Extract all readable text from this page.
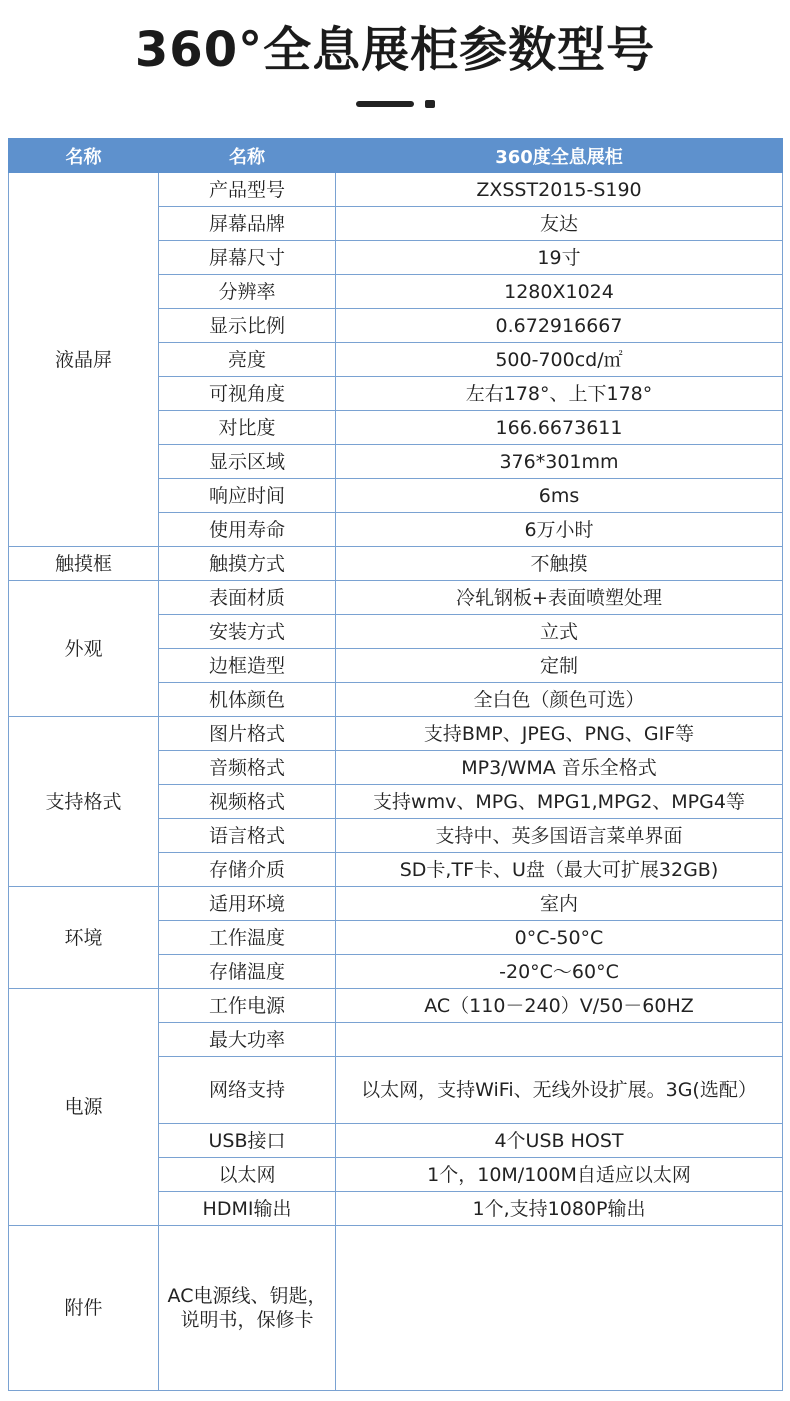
360°全息展柜参数型号
名称	名称	360度全息展柜
液晶屏	产品型号	ZXSST2015-S190
	屏幕品牌	友达
	屏幕尺寸	19寸
	分辨率	1280X1024
	显示比例	0.672916667
	亮度	500-700cd/㎡
	可视角度	左右178°、上下178°
	对比度	166.6673611
	显示区域	376*301mm
	响应时间	6ms
	使用寿命	6万小时
触摸框	触摸方式	不触摸
外观	表面材质	冷轧钢板+表面喷塑处理
	安装方式	立式
	边框造型	定制
	机体颜色	全白色（颜色可选）
支持格式	图片格式	支持BMP、JPEG、PNG、GIF等
	音频格式	MP3/WMA 音乐全格式
	视频格式	支持wmv、MPG、MPG1,MPG2、MPG4等
	语言格式	支持中、英多国语言菜单界面
	存储介质	SD卡,TF卡、U盘（最大可扩展32GB)
环境	适用环境	室内
	工作温度	0°C-50°C
	存储温度	-20°C～60°C
电源	工作电源	AC（110－240）V/50－60HZ
	最大功率	
	网络支持	以太网，支持WiFi、无线外设扩展。3G(选配）
	USB接口	4个USB HOST
	以太网	1个，10M/100M自适应以太网
	HDMI输出	1个,支持1080P输出
附件	AC电源线、钥匙，说明书，保修卡	
